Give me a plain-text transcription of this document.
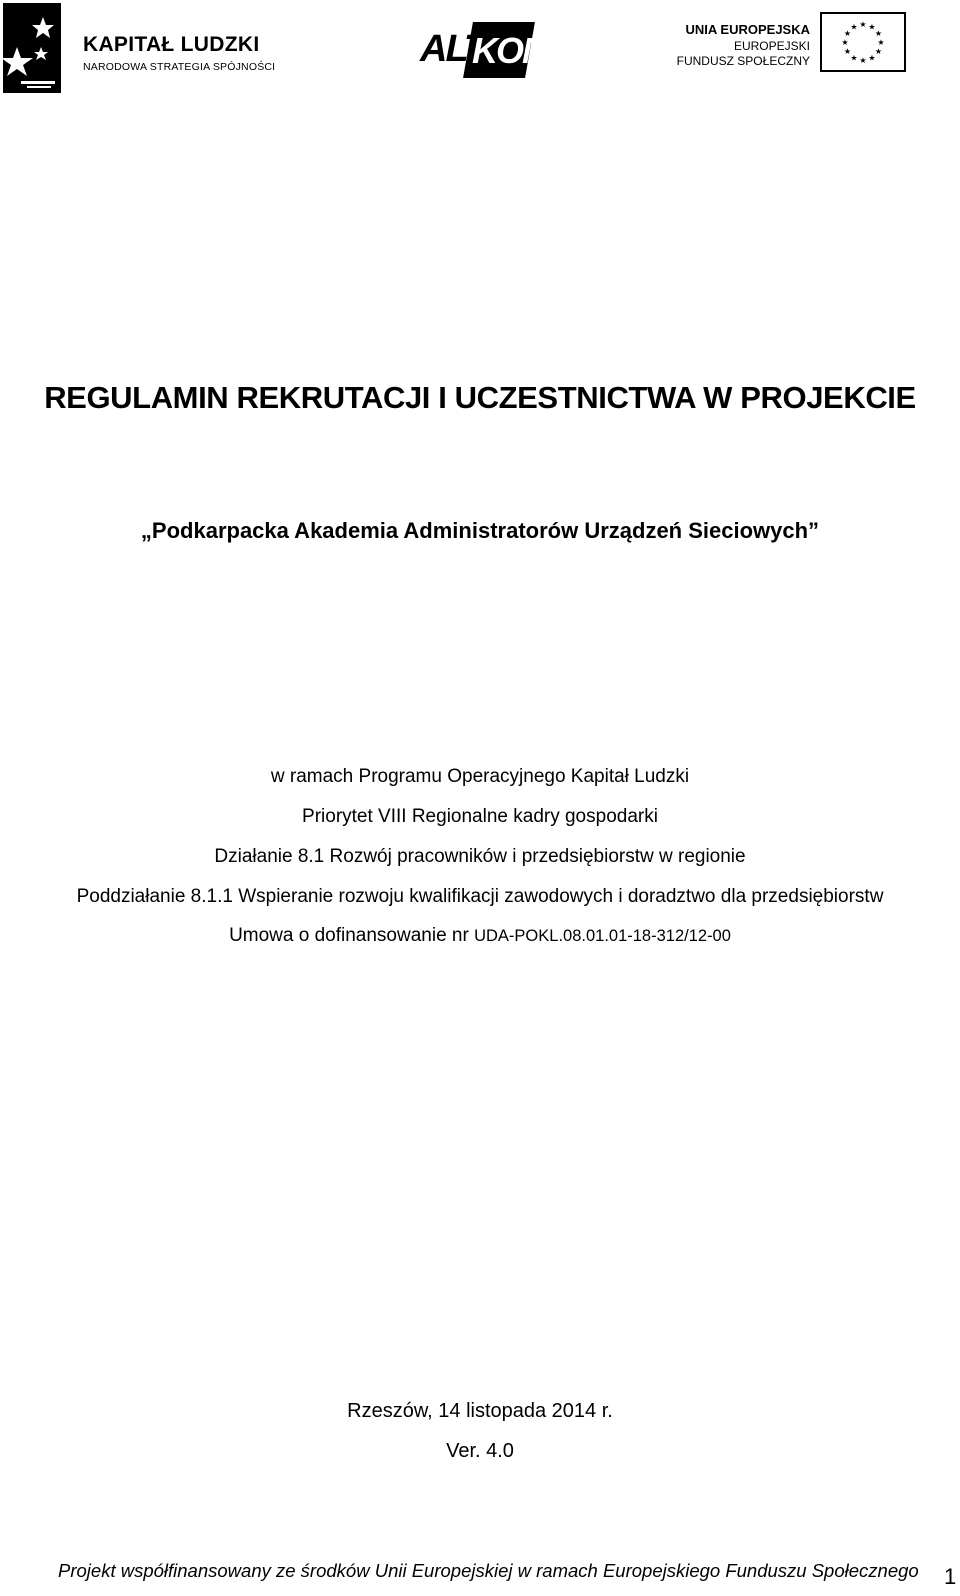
KAPITAŁ LUDZKI
NARODOWA STRATEGIA SPÓJNOŚCI	ALT
KOM
UNIA EUROPEJSKA
EUROPEJSKI
FUNDUSZ SPOŁECZNY
★ ★
★
★
★
★
★
★
★
★
★
★
REGULAMIN REKRUTACJI I UCZESTNICTWA W PROJEKCIE
„Podkarpacka Akademia Administratorów Urządzeń Sieciowych”
w ramach Programu Operacyjnego Kapitał Ludzki
Priorytet VIII Regionalne kadry gospodarki
Działanie 8.1 Rozwój pracowników i przedsiębiorstw w regionie
Poddziałanie 8.1.1 Wspieranie rozwoju kwalifikacji zawodowych i doradztwo dla przedsiębiorstw
Umowa o dofinansowanie nr UDA-POKL.08.01.01-18-312/12-00
Rzeszów, 14 listopada 2014 r.
Ver. 4.0
Projekt współfinansowany ze środków Unii Europejskiej w ramach Europejskiego Funduszu Społecznego 1
